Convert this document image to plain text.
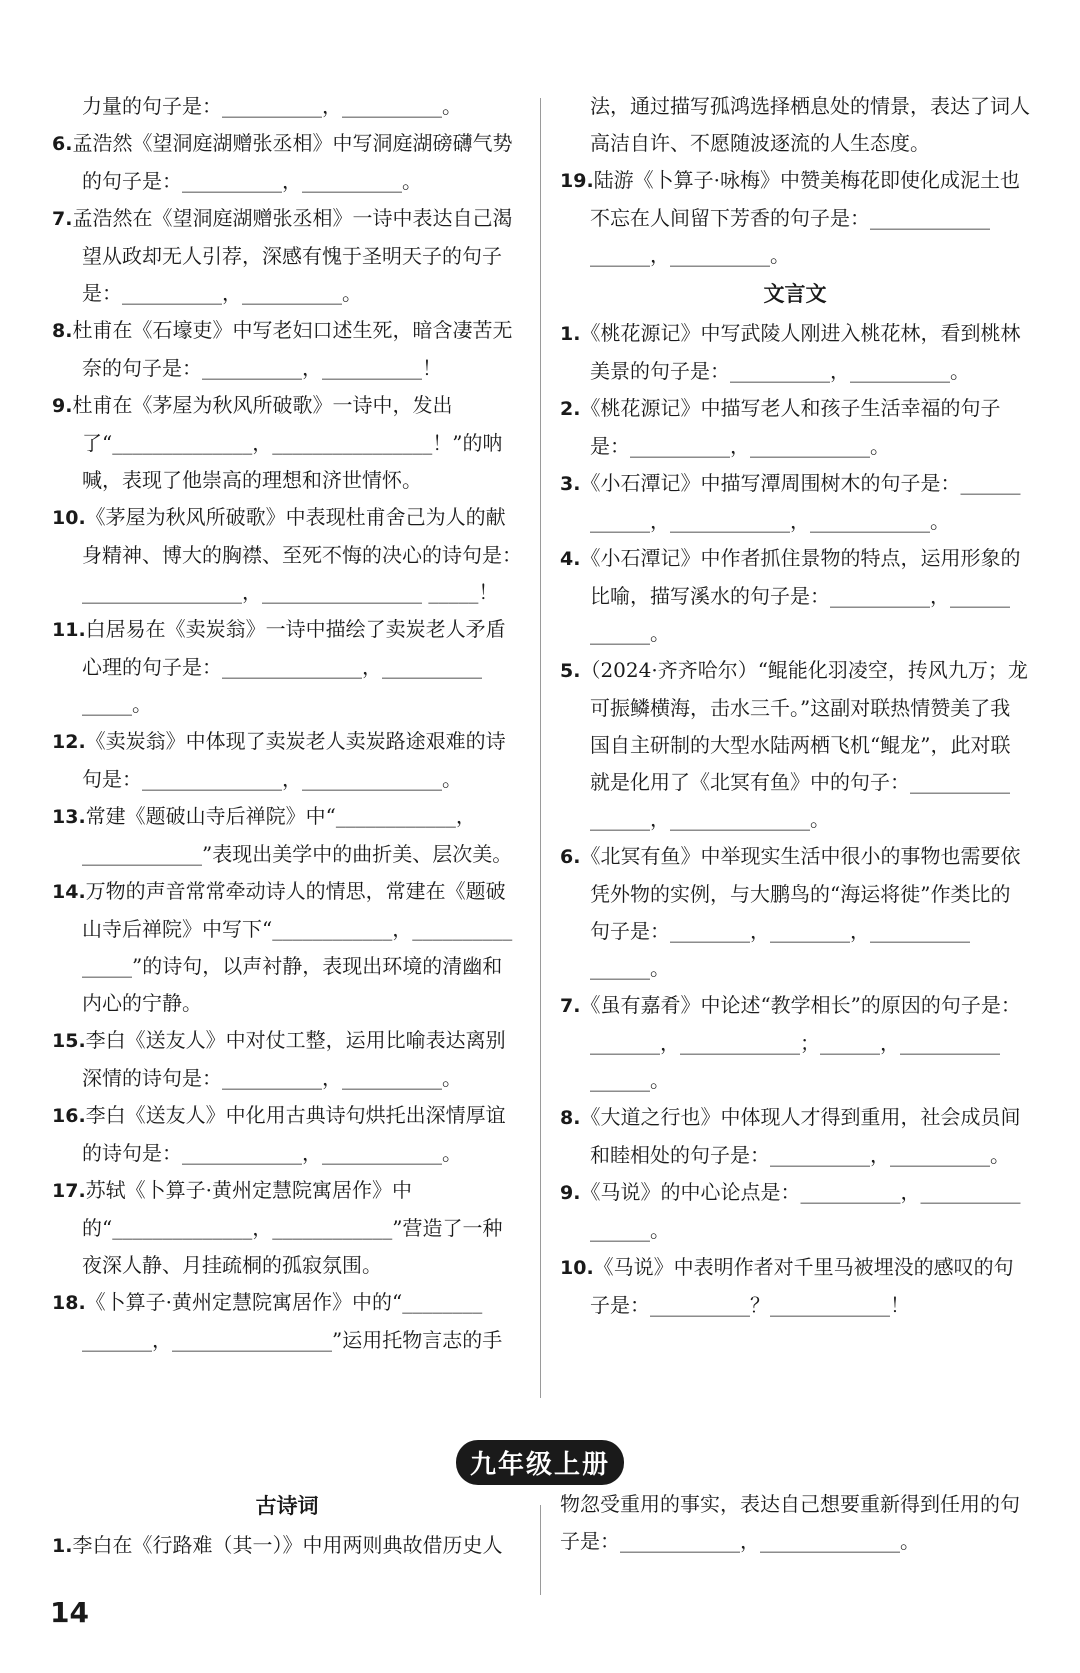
力量的句子是：__________，__________。

6.孟浩然《望洞庭湖赠张丞相》中写洞庭湖磅礴气势的句子是：__________，__________。

7.孟浩然在《望洞庭湖赠张丞相》一诗中表达自己渴望从政却无人引荐，深感有愧于圣明天子的句子是：__________，__________。

8.杜甫在《石壕吏》中写老妇口述生死，暗含凄苦无奈的句子是：__________，__________！

9.杜甫在《茅屋为秋风所破歌》一诗中，发出了“______________，________________！”的呐喊，表现了他崇高的理想和济世情怀。

10.《茅屋为秋风所破歌》中表现杜甫舍己为人的献身精神、博大的胸襟、至死不悔的决心的诗句是：________________，________________ _____！

11.白居易在《卖炭翁》一诗中描绘了卖炭老人矛盾心理的句子是：______________，__________ _____。

12.《卖炭翁》中体现了卖炭老人卖炭路途艰难的诗句是：______________，______________。

13.常建《题破山寺后禅院》中“____________，____________”表现出美学中的曲折美、层次美。

14.万物的声音常常牵动诗人的情思，常建在《题破山寺后禅院》中写下“____________，__________ _____”的诗句，以声衬静，表现出环境的清幽和内心的宁静。

15.李白《送友人》中对仗工整，运用比喻表达离别深情的诗句是：__________，__________。

16.李白《送友人》中化用古典诗句烘托出深情厚谊的诗句是：____________，____________。

17.苏轼《卜算子·黄州定慧院寓居作》中的“______________，____________”营造了一种夜深人静、月挂疏桐的孤寂氛围。

18.《卜算子·黄州定慧院寓居作》中的“________ _______，________________”运用托物言志的手

法，通过描写孤鸿选择栖息处的情景，表达了词人高洁自许、不愿随波逐流的人生态度。

19.陆游《卜算子·咏梅》中赞美梅花即使化成泥土也不忘在人间留下芳香的句子是：____________ ______，__________。

文言文

1.《桃花源记》中写武陵人刚进入桃花林，看到桃林美景的句子是：__________，__________。

2.《桃花源记》中描写老人和孩子生活幸福的句子是：__________，____________。

3.《小石潭记》中描写潭周围树木的句子是：______ ______，____________，____________。

4.《小石潭记》中作者抓住景物的特点，运用形象的比喻，描写溪水的句子是：__________，______ ______。

5.（2024·齐齐哈尔）“鲲能化羽凌空，抟风九万；龙可振鳞横海，击水三千。”这副对联热情赞美了我国自主研制的大型水陆两栖飞机“鲲龙”，此对联就是化用了《北冥有鱼》中的句子：__________ ______，______________。

6.《北冥有鱼》中举现实生活中很小的事物也需要依凭外物的实例，与大鹏鸟的“海运将徙”作类比的句子是：________，________，__________ ______。

7.《虽有嘉肴》中论述“教学相长”的原因的句子是：_______，____________；______，__________ ______。

8.《大道之行也》中体现人才得到重用，社会成员间和睦相处的句子是：__________，__________。

9.《马说》的中心论点是：__________，__________ ______。

10.《马说》中表明作者对千里马被埋没的感叹的句子是：__________？____________！

九年级上册
古诗词

1.李白在《行路难（其一）》中用两则典故借历史人

物忽受重用的事实，表达自己想要重新得到任用的句子是：____________，______________。

14
